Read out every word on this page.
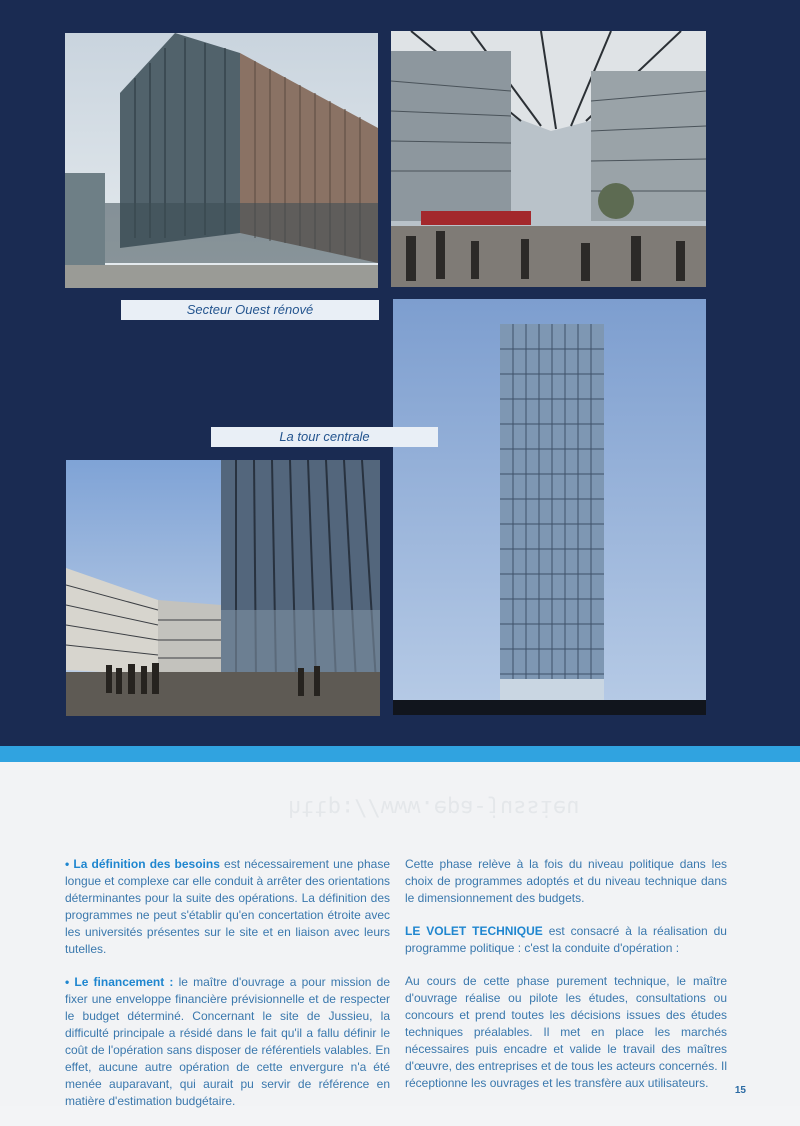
Secteur Ouest rénové
La tour centrale
http://www.epa-jussieu

• La définition des besoins est nécessairement une phase longue et complexe car elle conduit à arrêter des orientations déterminantes pour la suite des opérations. La définition des programmes ne peut s'établir qu'en concertation étroite avec les universités présentes sur le site et en liaison avec leurs tutelles.

• Le financement : le maître d'ouvrage a pour mission de fixer une enveloppe financière prévisionnelle et de respecter le budget déterminé. Concernant le site de Jussieu, la difficulté principale a résidé dans le fait qu'il a fallu définir le coût de l'opération sans disposer de référentiels valables. En effet, aucune autre opération de cette envergure n'a été menée auparavant, qui aurait pu servir de référence en matière d'estimation budgétaire.

Cette phase relève à la fois du niveau politique dans les choix de programmes adoptés et du niveau technique dans le dimensionnement des budgets.

LE VOLET TECHNIQUE est consacré à la réalisation du programme politique : c'est la conduite d'opération :

Au cours de cette phase purement technique, le maître d'ouvrage réalise ou pilote les études, consultations ou concours et prend toutes les décisions issues des études techniques préalables. Il met en place les marchés nécessaires puis encadre et valide le travail des maîtres d'œuvre, des entreprises et de tous les acteurs concernés. Il réceptionne les ouvrages et les transfère aux utilisateurs.

15
